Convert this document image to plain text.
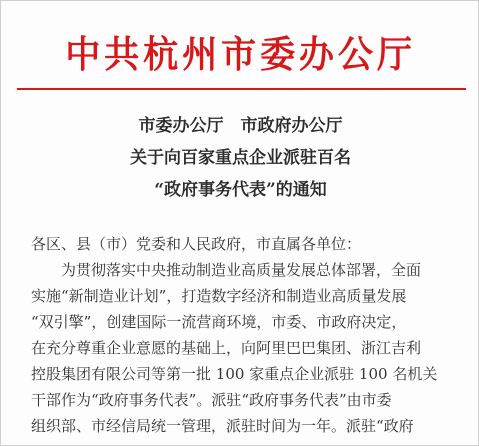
中共杭州市委办公厅
市委办公厅　市政府办公厅
关于向百家重点企业派驻百名
“政府事务代表”的通知
各区、县（市）党委和人民政府，市直属各单位：
　　为贯彻落实中央推动制造业高质量发展总体部署，全面
实施“新制造业计划”，打造数字经济和制造业高质量发展
“双引擎”，创建国际一流营商环境，市委、市政府决定，
在充分尊重企业意愿的基础上，向阿里巴巴集团、浙江吉利
控股集团有限公司等第一批 100 家重点企业派驻 100 名机关
干部作为“政府事务代表”。派驻“政府事务代表”由市委
组织部、市经信局统一管理，派驻时间为一年。派驻“政府
